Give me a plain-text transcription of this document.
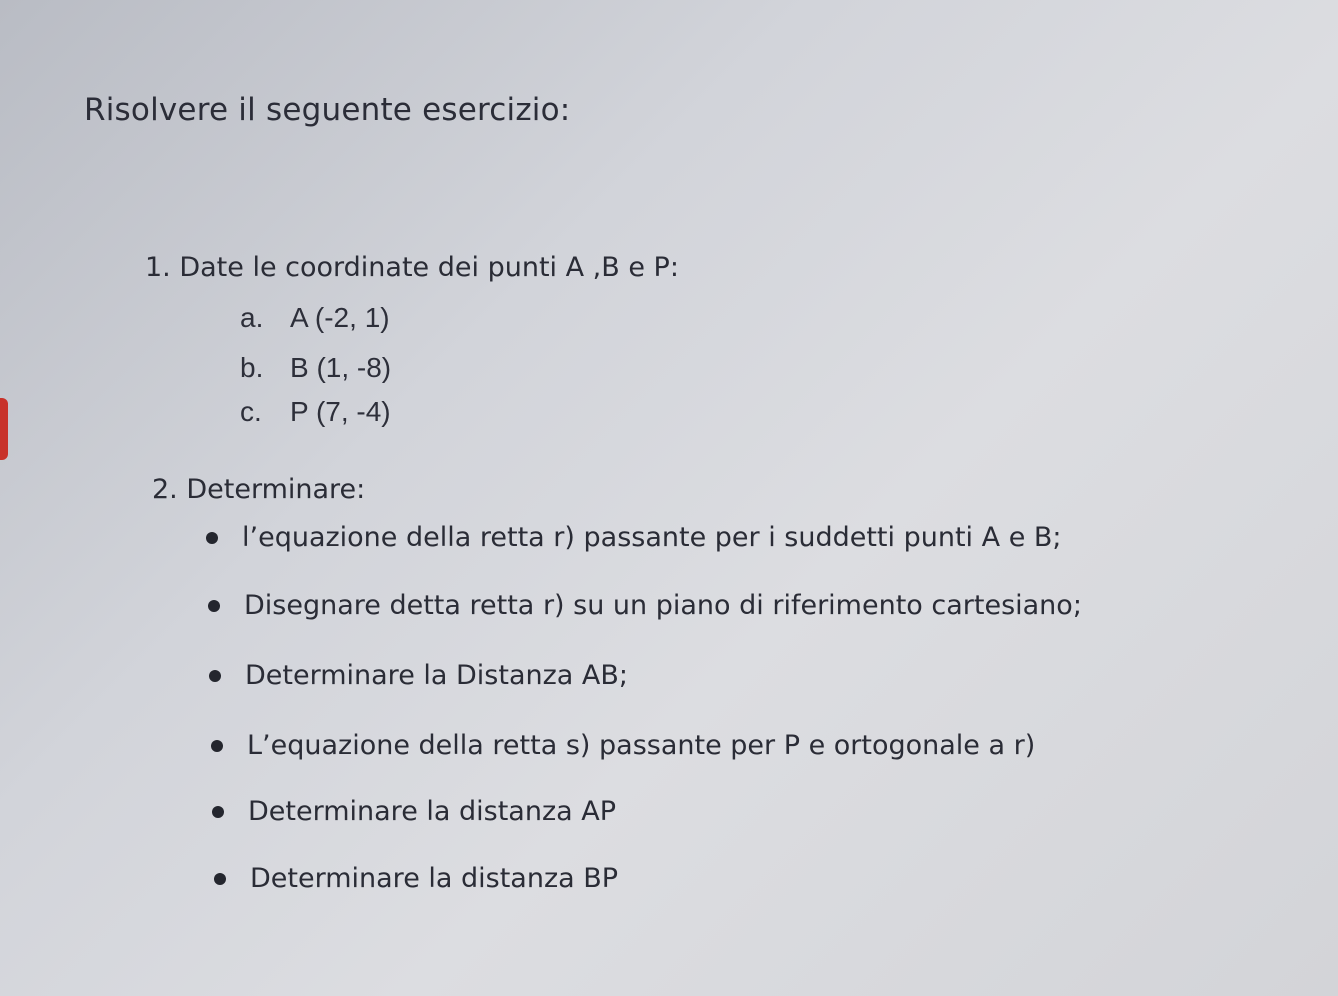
Risolvere il seguente esercizio:
1. Date le coordinate dei punti A ,B e P:
a. A (-2, 1)
b. B (1, -8)
c. P (7, -4)
2. Determinare:
l’equazione della retta r) passante per i suddetti punti A e B;
Disegnare detta retta r) su un piano di riferimento cartesiano;
Determinare la Distanza AB;
L’equazione della retta s) passante per P e ortogonale a r)
Determinare la distanza AP
Determinare la distanza BP
